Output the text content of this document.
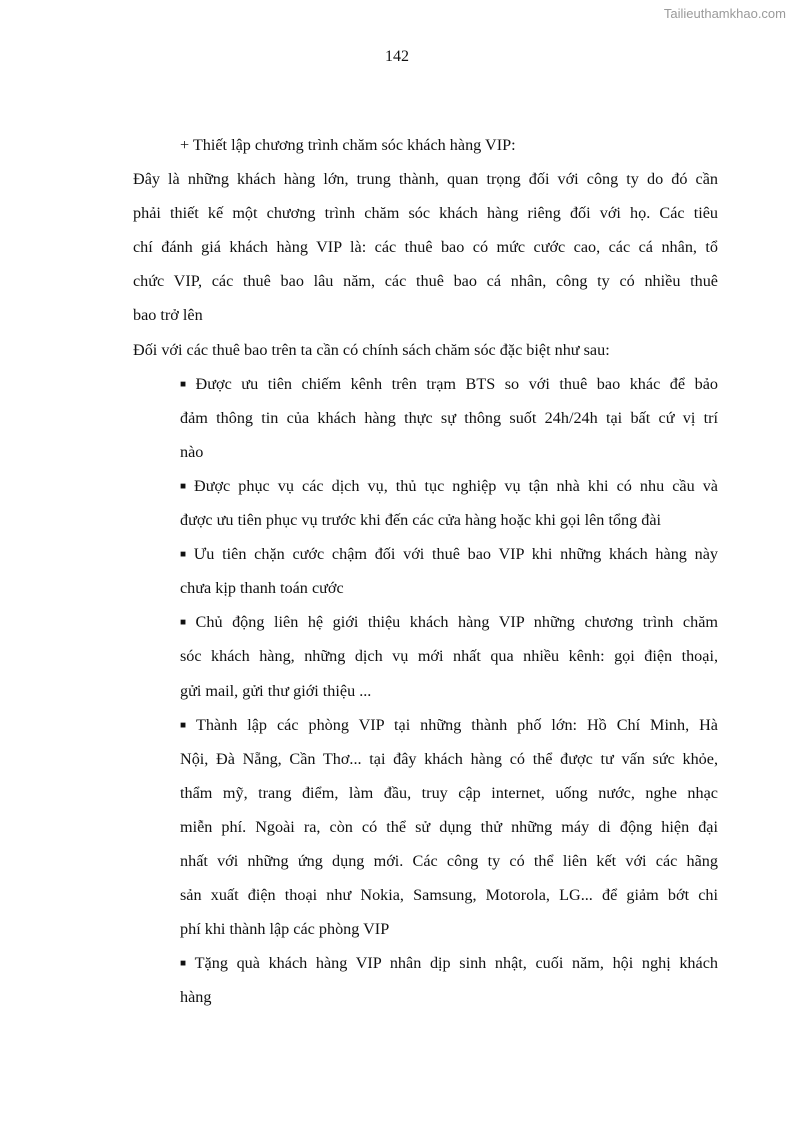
Tailieuthamkhao.com
142
+ Thiết lập chương trình chăm sóc khách hàng VIP:
Đây là những khách hàng lớn, trung thành, quan trọng đối với công ty do đó cần
phải thiết kế một chương trình chăm sóc khách hàng riêng đối với họ. Các tiêu
chí đánh giá khách hàng VIP là: các thuê bao có mức cước cao, các cá nhân, tổ
chức VIP, các thuê bao lâu năm, các thuê bao cá nhân, công ty có nhiều thuê
bao trở lên
Đối với các thuê bao trên ta cần có chính sách chăm sóc đặc biệt như sau:
■ Được ưu tiên chiếm kênh trên trạm BTS so với thuê bao khác để bảo
đảm thông tin của khách hàng thực sự thông suốt 24h/24h tại bất cứ vị trí
nào
■ Được phục vụ các dịch vụ, thủ tục nghiệp vụ tận nhà khi có nhu cầu và
được ưu tiên phục vụ trước khi đến các cửa hàng hoặc khi gọi lên tổng đài
■ Ưu tiên chặn cước chậm đối với thuê bao VIP khi những khách hàng này
chưa kịp thanh toán cước
■ Chủ động liên hệ giới thiệu khách hàng VIP những chương trình chăm
sóc khách hàng, những dịch vụ mới nhất qua nhiều kênh: gọi điện thoại,
gửi mail, gửi thư giới thiệu ...
■ Thành lập các phòng VIP tại những thành phố lớn: Hồ Chí Minh, Hà
Nội, Đà Nẵng, Cần Thơ... tại đây khách hàng có thể được tư vấn sức khỏe,
thẩm mỹ, trang điểm, làm đầu, truy cập internet, uống nước, nghe nhạc
miễn phí. Ngoài ra, còn có thể sử dụng thử những máy di động hiện đại
nhất với những ứng dụng mới. Các công ty có thể liên kết với các hãng
sản xuất điện thoại như Nokia, Samsung, Motorola, LG... để giảm bớt chi
phí khi thành lập các phòng VIP
■ Tặng quà khách hàng VIP nhân dịp sinh nhật, cuối năm, hội nghị khách
hàng
